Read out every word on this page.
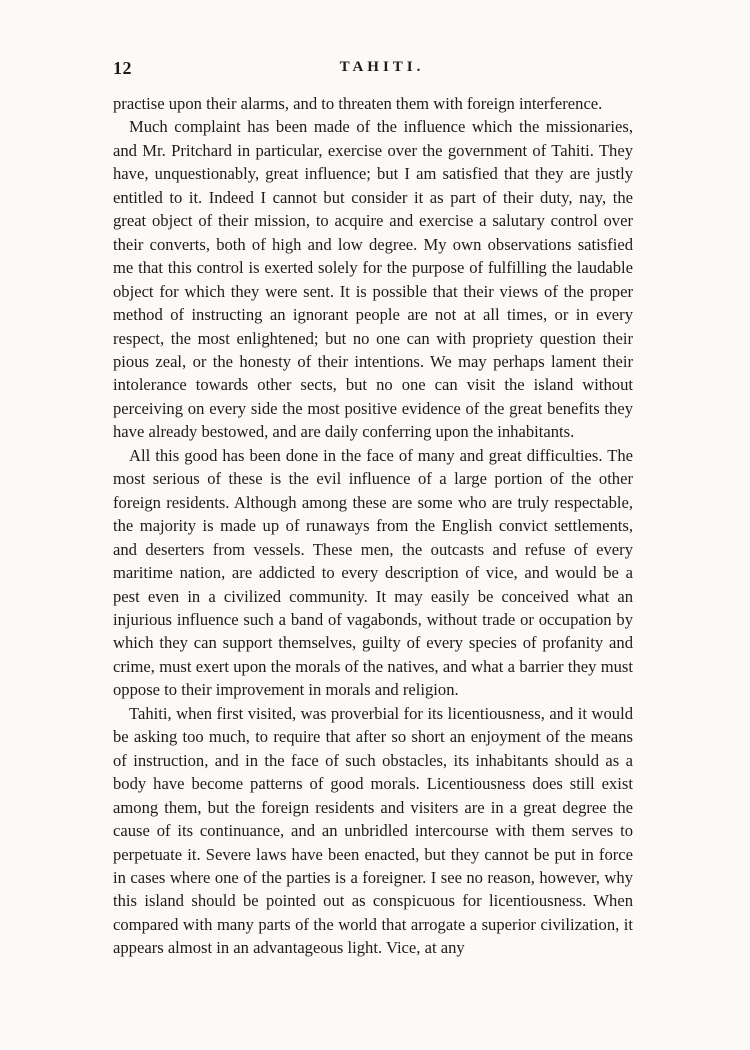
12	TAHITI.

practise upon their alarms, and to threaten them with foreign interference.

Much complaint has been made of the influence which the missionaries, and Mr. Pritchard in particular, exercise over the government of Tahiti. They have, unquestionably, great influence; but I am satisfied that they are justly entitled to it. Indeed I cannot but consider it as part of their duty, nay, the great object of their mission, to acquire and exercise a salutary control over their converts, both of high and low degree. My own observations satisfied me that this control is exerted solely for the purpose of fulfilling the laudable object for which they were sent. It is possible that their views of the proper method of instructing an ignorant people are not at all times, or in every respect, the most enlightened; but no one can with propriety question their pious zeal, or the honesty of their intentions. We may perhaps lament their intolerance towards other sects, but no one can visit the island without perceiving on every side the most positive evidence of the great benefits they have already bestowed, and are daily conferring upon the inhabitants.

All this good has been done in the face of many and great difficulties. The most serious of these is the evil influence of a large portion of the other foreign residents. Although among these are some who are truly respectable, the majority is made up of runaways from the English convict settlements, and deserters from vessels. These men, the outcasts and refuse of every maritime nation, are addicted to every description of vice, and would be a pest even in a civilized community. It may easily be conceived what an injurious influence such a band of vagabonds, without trade or occupation by which they can support themselves, guilty of every species of profanity and crime, must exert upon the morals of the natives, and what a barrier they must oppose to their improvement in morals and religion.

Tahiti, when first visited, was proverbial for its licentiousness, and it would be asking too much, to require that after so short an enjoyment of the means of instruction, and in the face of such obstacles, its inhabitants should as a body have become patterns of good morals. Licentiousness does still exist among them, but the foreign residents and visiters are in a great degree the cause of its continuance, and an unbridled intercourse with them serves to perpetuate it. Severe laws have been enacted, but they cannot be put in force in cases where one of the parties is a foreigner. I see no reason, however, why this island should be pointed out as conspicuous for licentiousness. When compared with many parts of the world that arrogate a superior civilization, it appears almost in an advantageous light. Vice, at any
